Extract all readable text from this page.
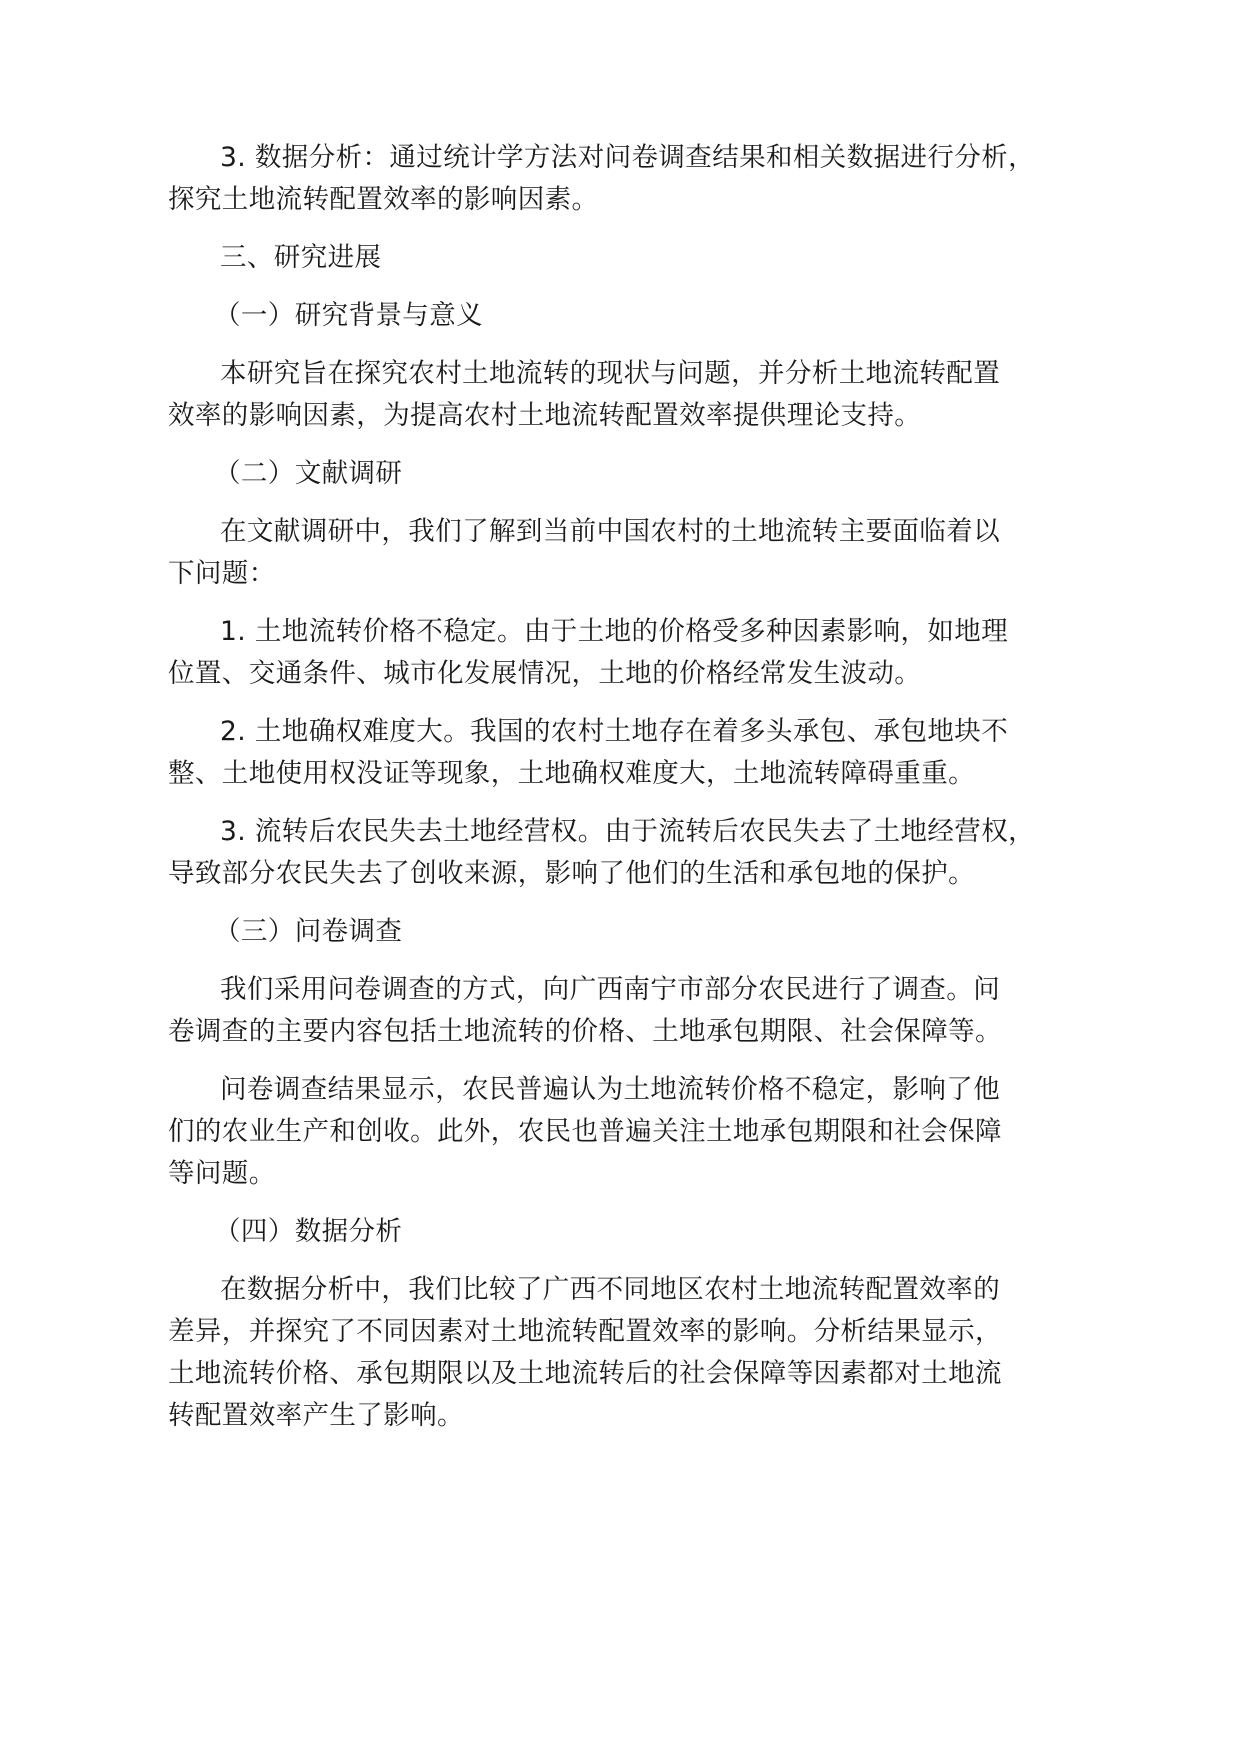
3. 数据分析：通过统计学方法对问卷调查结果和相关数据进行分析，

探究土地流转配置效率的影响因素。

三、研究进展

（一）研究背景与意义

本研究旨在探究农村土地流转的现状与问题，并分析土地流转配置

效率的影响因素，为提高农村土地流转配置效率提供理论支持。

（二）文献调研

在文献调研中，我们了解到当前中国农村的土地流转主要面临着以

下问题：

1. 土地流转价格不稳定。由于土地的价格受多种因素影响，如地理

位置、交通条件、城市化发展情况，土地的价格经常发生波动。

2. 土地确权难度大。我国的农村土地存在着多头承包、承包地块不

整、土地使用权没证等现象，土地确权难度大，土地流转障碍重重。

3. 流转后农民失去土地经营权。由于流转后农民失去了土地经营权，

导致部分农民失去了创收来源，影响了他们的生活和承包地的保护。

（三）问卷调查

我们采用问卷调查的方式，向广西南宁市部分农民进行了调查。问

卷调查的主要内容包括土地流转的价格、土地承包期限、社会保障等。

问卷调查结果显示，农民普遍认为土地流转价格不稳定，影响了他

们的农业生产和创收。此外，农民也普遍关注土地承包期限和社会保障

等问题。

（四）数据分析

在数据分析中，我们比较了广西不同地区农村土地流转配置效率的

差异，并探究了不同因素对土地流转配置效率的影响。分析结果显示，

土地流转价格、承包期限以及土地流转后的社会保障等因素都对土地流

转配置效率产生了影响。
